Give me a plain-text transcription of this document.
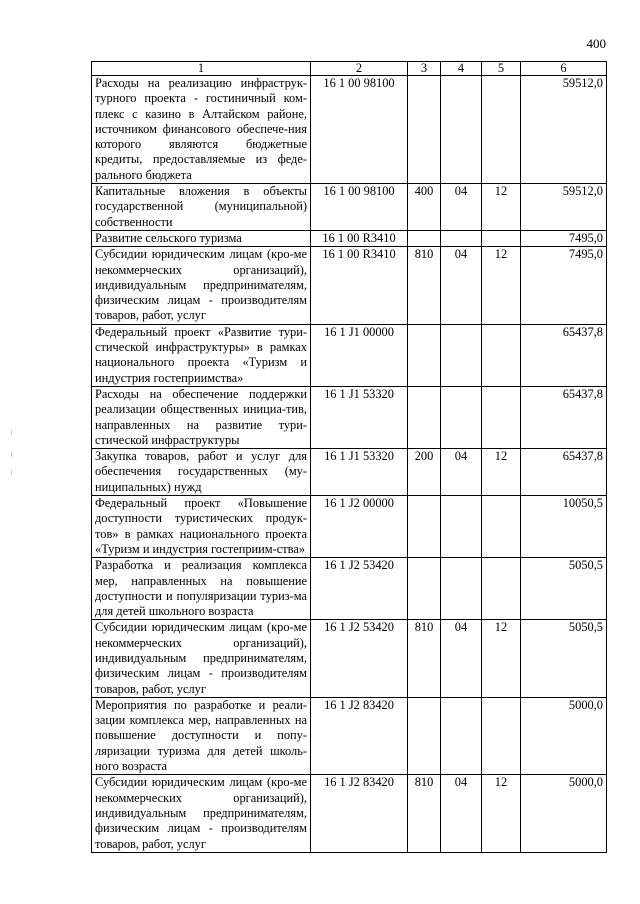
400
1	2	3	4	5	6
Расходы на реализацию инфраструк-турного проекта - гостиничный ком-плекс с казино в Алтайском районе, источником финансового обеспече-ния которого являются бюджетные кредиты, предоставляемые из феде-рального бюджета	16 1 00 98100				59512,0
Капитальные вложения в объекты государственной (муниципальной) собственности	16 1 00 98100	400	04	12	59512,0
Развитие сельского туризма	16 1 00 R3410				7495,0
Субсидии юридическим лицам (кро-ме некоммерческих организаций), индивидуальным предпринимателям, физическим лицам - производителям товаров, работ, услуг	16 1 00 R3410	810	04	12	7495,0
Федеральный проект «Развитие тури-стической инфраструктуры» в рамках национального проекта «Туризм и индустрия гостеприимства»	16 1 J1 00000				65437,8
Расходы на обеспечение поддержки реализации общественных инициа-тив, направленных на развитие тури-стической инфраструктуры	16 1 J1 53320				65437,8
Закупка товаров, работ и услуг для обеспечения государственных (му-ниципальных) нужд	16 1 J1 53320	200	04	12	65437,8
Федеральный проект «Повышение доступности туристических продук-тов» в рамках национального проекта «Туризм и индустрия гостеприим-ства»	16 1 J2 00000				10050,5
Разработка и реализация комплекса мер, направленных на повышение доступности и популяризации туриз-ма для детей школьного возраста	16 1 J2 53420				5050,5
Субсидии юридическим лицам (кро-ме некоммерческих организаций), индивидуальным предпринимателям, физическим лицам - производителям товаров, работ, услуг	16 1 J2 53420	810	04	12	5050,5
Мероприятия по разработке и реали-зации комплекса мер, направленных на повышение доступности и попу-ляризации туризма для детей школь-ного возраста	16 1 J2 83420				5000,0
Субсидии юридическим лицам (кро-ме некоммерческих организаций), индивидуальным предпринимателям, физическим лицам - производителям товаров, работ, услуг	16 1 J2 83420	810	04	12	5000,0
